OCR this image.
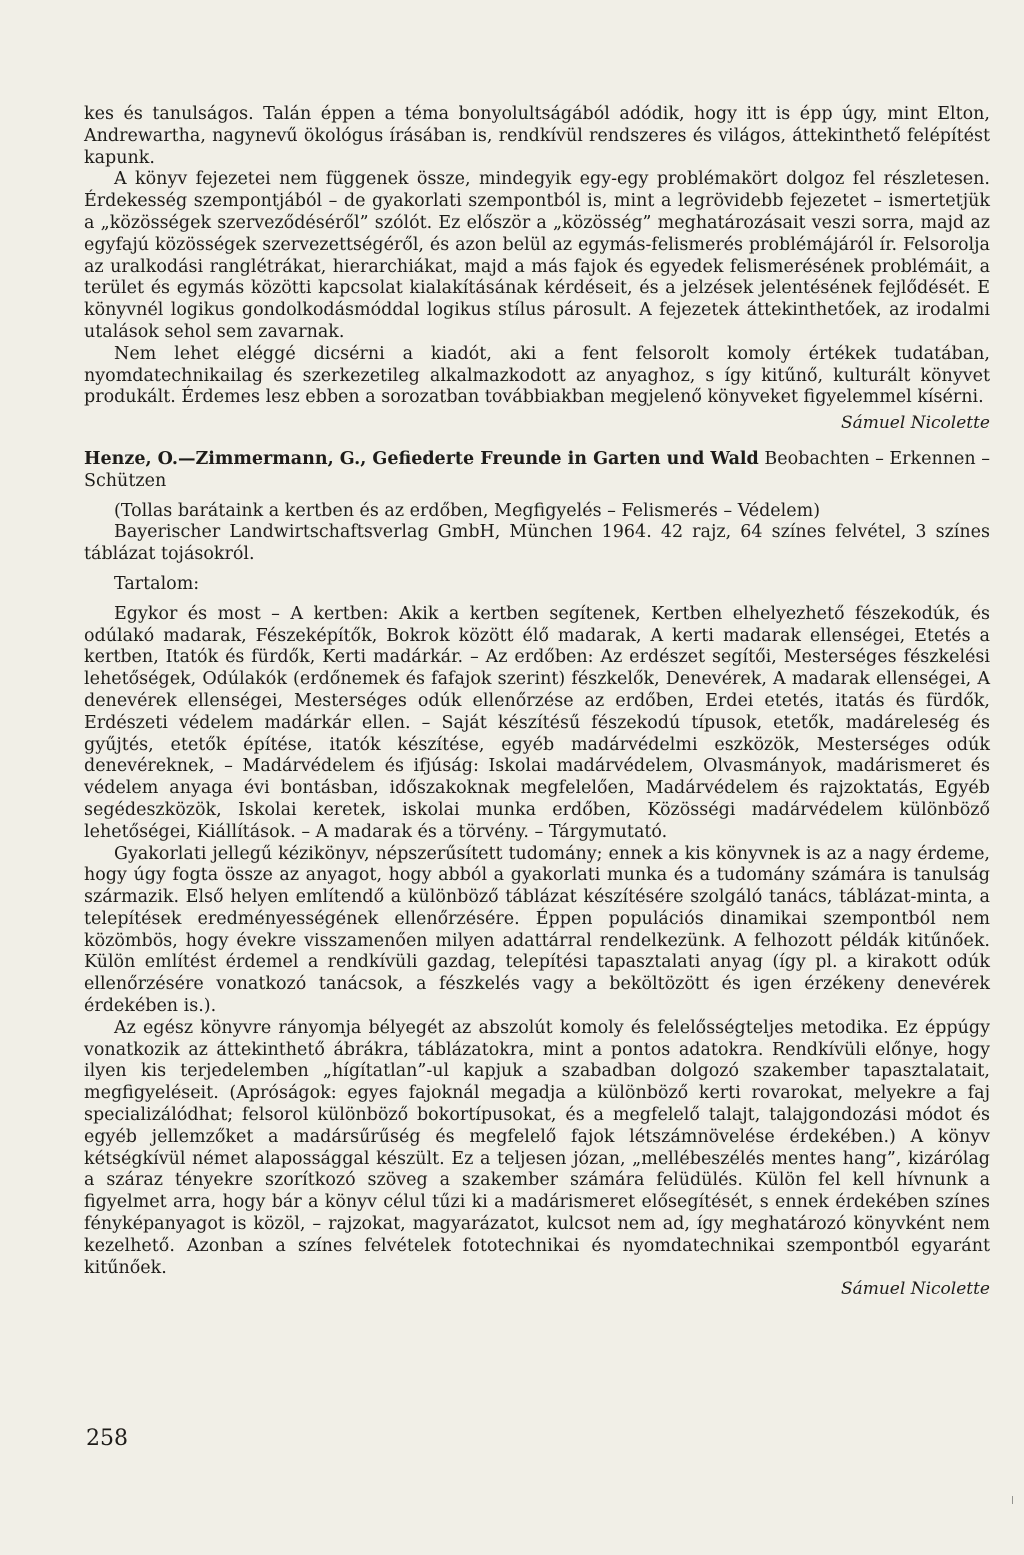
kes és tanulságos. Talán éppen a téma bonyolultságából adódik, hogy itt is épp úgy, mint Elton, Andrewartha, nagynevű ökológus írásában is, rendkívül rendszeres és világos, áttekinthető felépítést kapunk.

A könyv fejezetei nem függenek össze, mindegyik egy-egy problémakört dolgoz fel részletesen. Érdekesség szempontjából – de gyakorlati szempontból is, mint a legrövidebb fejezetet – ismertetjük a „közösségek szerveződéséről” szólót. Ez először a „közösség” meghatározásait veszi sorra, majd az egyfajú közösségek szervezettségéről, és azon belül az egymás-felismerés problémájáról ír. Felsorolja az uralkodási ranglétrákat, hierarchiákat, majd a más fajok és egyedek felismerésének problémáit, a terület és egymás közötti kapcsolat kialakításának kérdéseit, és a jelzések jelentésének fejlődését. E könyvnél logikus gondolkodásmóddal logikus stílus párosult. A fejezetek áttekinthetőek, az irodalmi utalások sehol sem zavarnak.

Nem lehet eléggé dicsérni a kiadót, aki a fent felsorolt komoly értékek tudatában, nyomdatechnikailag és szerkezetileg alkalmazkodott az anyaghoz, s így kitűnő, kulturált könyvet produkált. Érdemes lesz ebben a sorozatban továbbiakban megjelenő könyveket figyelemmel kísérni.

Sámuel Nicolette

Henze, O.—Zimmermann, G., Gefiederte Freunde in Garten und Wald Beobachten – Erkennen – Schützen

(Tollas barátaink a kertben és az erdőben, Megfigyelés – Felismerés – Védelem)

Bayerischer Landwirtschaftsverlag GmbH, München 1964. 42 rajz, 64 színes felvétel, 3 színes táblázat tojásokról.

Tartalom:

Egykor és most – A kertben: Akik a kertben segítenek, Kertben elhelyezhető fészekodúk, és odúlakó madarak, Fészeképítők, Bokrok között élő madarak, A kerti madarak ellenségei, Etetés a kertben, Itatók és fürdők, Kerti madárkár. – Az erdőben: Az erdészet segítői, Mesterséges fészkelési lehetőségek, Odúlakók (erdőnemek és fafajok szerint) fészkelők, Denevérek, A madarak ellenségei, A denevérek ellenségei, Mesterséges odúk ellenőrzése az erdőben, Erdei etetés, itatás és fürdők, Erdészeti védelem madárkár ellen. – Saját készítésű fészekodú típusok, etetők, madáreleség és gyűjtés, etetők építése, itatók készítése, egyéb madárvédelmi eszközök, Mesterséges odúk denevéreknek, – Madárvédelem és ifjúság: Iskolai madárvédelem, Olvasmányok, madárismeret és védelem anyaga évi bontásban, időszakoknak megfelelően, Madárvédelem és rajzoktatás, Egyéb segédeszközök, Iskolai keretek, iskolai munka erdőben, Közösségi madárvédelem különböző lehetőségei, Kiállítások. – A madarak és a törvény. – Tárgymutató.

Gyakorlati jellegű kézikönyv, népszerűsített tudomány; ennek a kis könyvnek is az a nagy érdeme, hogy úgy fogta össze az anyagot, hogy abból a gyakorlati munka és a tudomány számára is tanulság származik. Első helyen említendő a különböző táblázat készítésére szolgáló tanács, táblázat-minta, a telepítések eredményességének ellenőrzésére. Éppen populációs dinamikai szempontból nem közömbös, hogy évekre visszamenően milyen adattárral rendelkezünk. A felhozott példák kitűnőek. Külön említést érdemel a rendkívüli gazdag, telepítési tapasztalati anyag (így pl. a kirakott odúk ellenőrzésére vonatkozó tanácsok, a fészkelés vagy a beköltözött és igen érzékeny denevérek érdekében is.).

Az egész könyvre rányomja bélyegét az abszolút komoly és felelősségteljes metodika. Ez éppúgy vonatkozik az áttekinthető ábrákra, táblázatokra, mint a pontos adatokra. Rendkívüli előnye, hogy ilyen kis terjedelemben „hígítatlan”-ul kapjuk a szabadban dolgozó szakember tapasztalatait, megfigyeléseit. (Apróságok: egyes fajoknál megadja a különböző kerti rovarokat, melyekre a faj specializálódhat; felsorol különböző bokortípusokat, és a megfelelő talajt, talajgondozási módot és egyéb jellemzőket a madársűrűség és megfelelő fajok létszámnövelése érdekében.) A könyv kétségkívül német alapossággal készült. Ez a teljesen józan, „mellébeszélés mentes hang”, kizárólag a száraz tényekre szorítkozó szöveg a szakember számára felüdülés. Külön fel kell hívnunk a figyelmet arra, hogy bár a könyv célul tűzi ki a madárismeret elősegítését, s ennek érdekében színes fényképanyagot is közöl, – rajzokat, magyarázatot, kulcsot nem ad, így meghatározó könyvként nem kezelhető. Azonban a színes felvételek fototechnikai és nyomdatechnikai szempontból egyaránt kitűnőek.

Sámuel Nicolette

258
